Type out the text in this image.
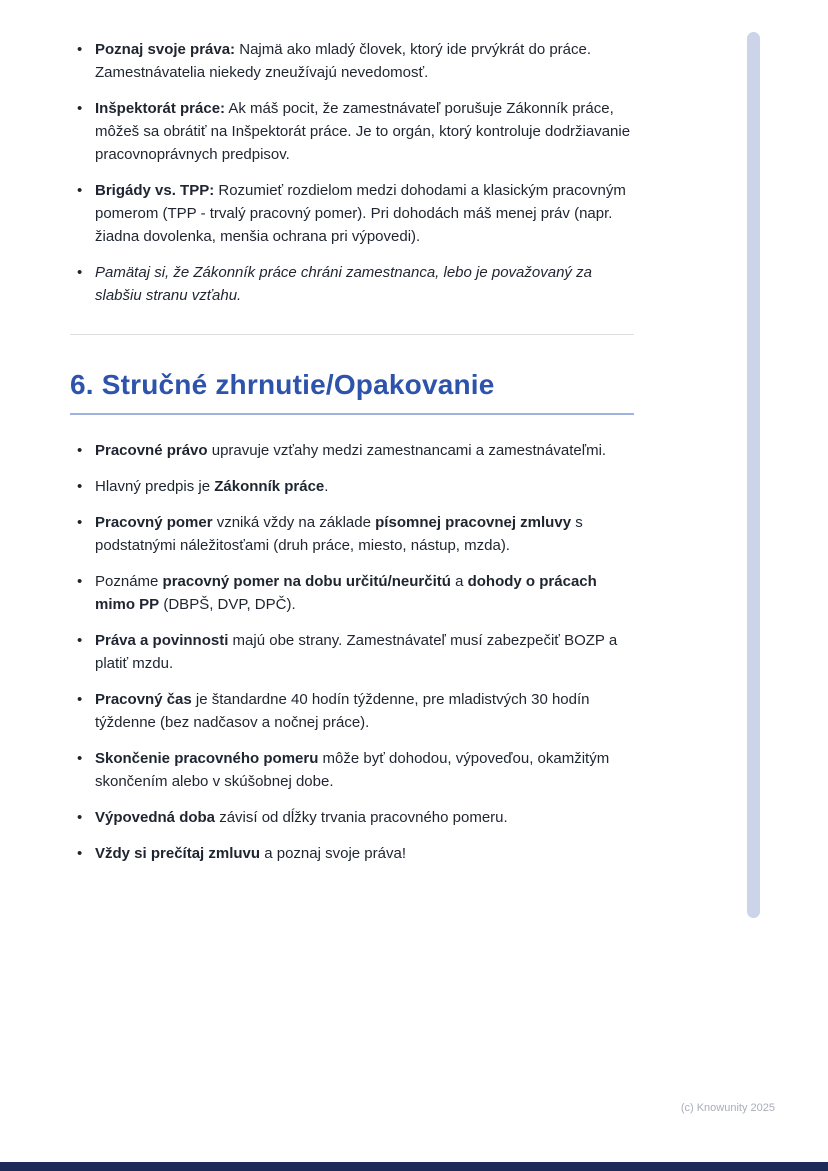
• Poznaj svoje práva: Najmä ako mladý človek, ktorý ide prvýkrát do práce. Zamestnávatelia niekedy zneužívajú nevedomosť.
• Inšpektorát práce: Ak máš pocit, že zamestnávateľ porušuje Zákonník práce, môžeš sa obrátiť na Inšpektorát práce. Je to orgán, ktorý kontroluje dodržiavanie pracovnoprávnych predpisov.
• Brigády vs. TPP: Rozumieť rozdielom medzi dohodami a klasickým pracovným pomerom (TPP - trvalý pracovný pomer). Pri dohodách máš menej práv (napr. žiadna dovolenka, menšia ochrana pri výpovedi).
• Pamätaj si, že Zákonník práce chráni zamestnanca, lebo je považovaný za slabšiu stranu vzťahu.
6. Stručné zhrnutie/Opakovanie
• Pracovné právo upravuje vzťahy medzi zamestnancami a zamestnávateľmi.
• Hlavný predpis je Zákonník práce.
• Pracovný pomer vzniká vždy na základe písomnej pracovnej zmluvy s podstatnými náležitosťami (druh práce, miesto, nástup, mzda).
• Poznáme pracovný pomer na dobu určitú/neurčitú a dohody o prácach mimo PP (DBPŠ, DVP, DPČ).
• Práva a povinnosti majú obe strany. Zamestnávateľ musí zabezpečiť BOZP a platiť mzdu.
• Pracovný čas je štandardne 40 hodín týždenne, pre mladistvých 30 hodín týždenne (bez nadčasov a nočnej práce).
• Skončenie pracovného pomeru môže byť dohodou, výpoveďou, okamžitým skončením alebo v skúšobnej dobe.
• Výpovedná doba závisí od dĺžky trvania pracovného pomeru.
• Vždy si prečítaj zmluvu a poznaj svoje práva!
(c) Knowunity 2025
